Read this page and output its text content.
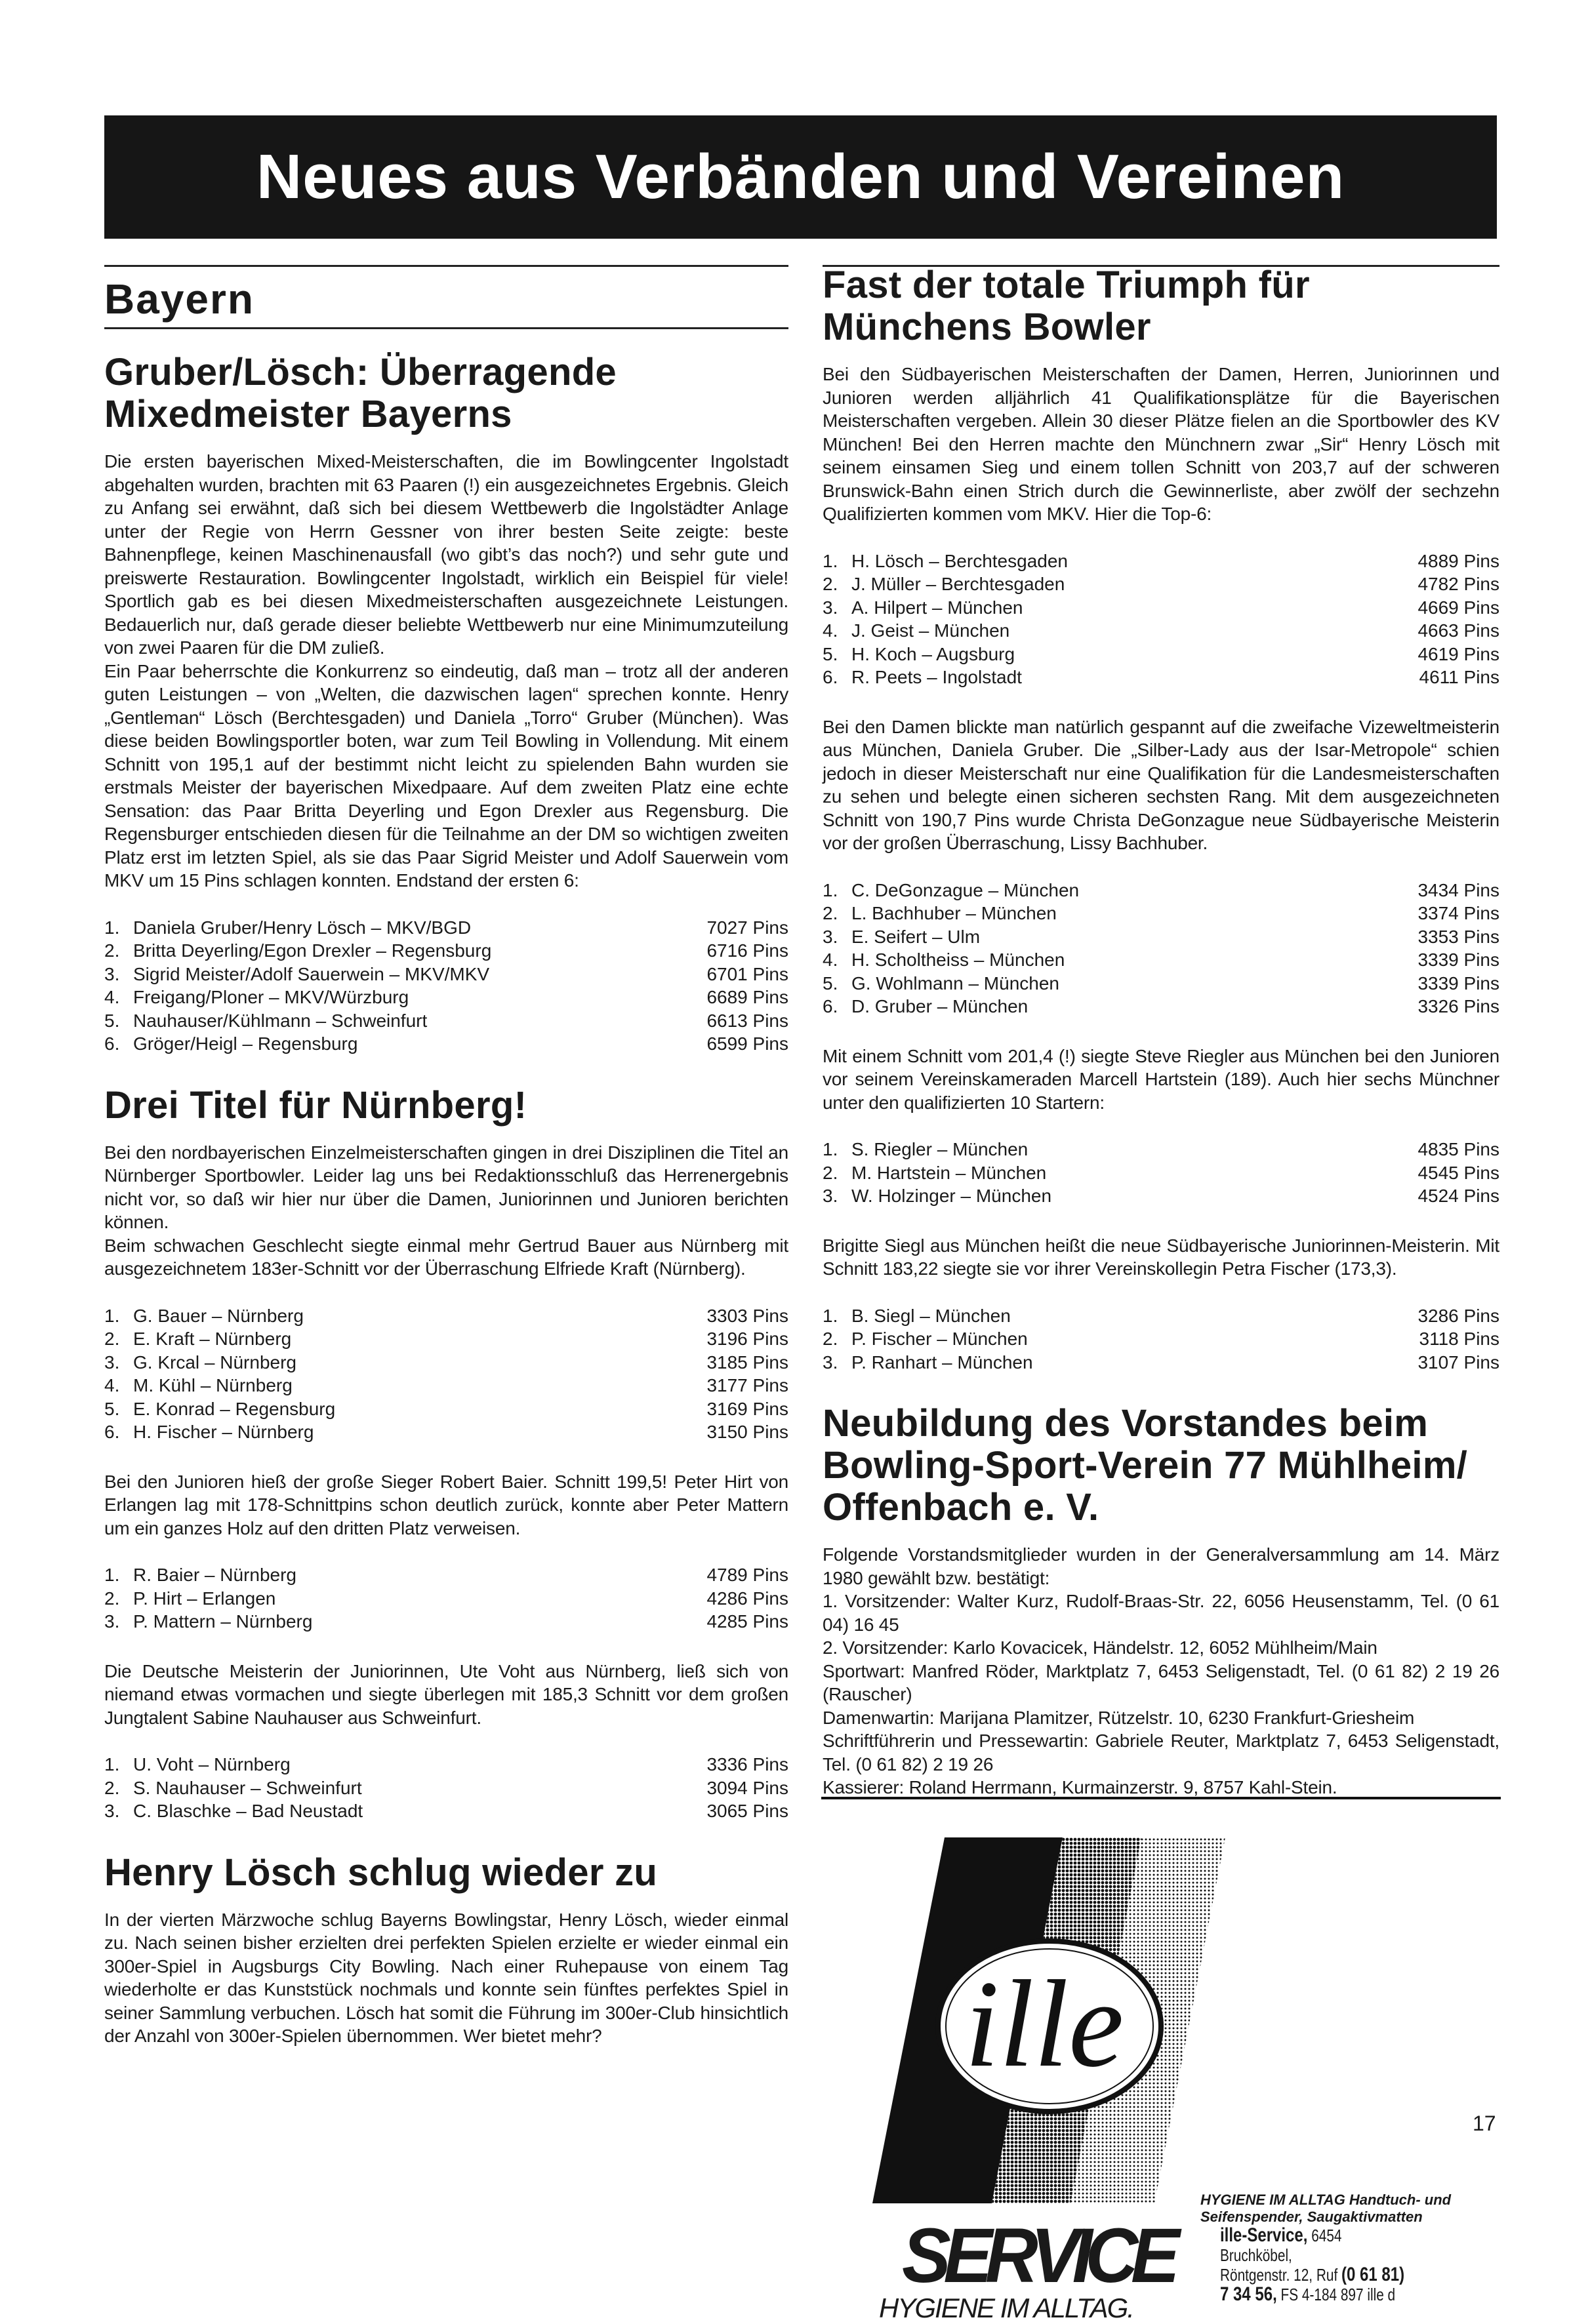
Neues aus Verbänden und Vereinen
Bayern
Gruber/Lösch: Überragende Mixedmeister Bayerns
Die ersten bayerischen Mixed-Meisterschaften, die im Bowlingcenter Ingolstadt abgehalten wurden, brachten mit 63 Paaren (!) ein ausgezeichnetes Ergebnis. Gleich zu Anfang sei erwähnt, daß sich bei diesem Wettbewerb die Ingolstädter Anlage unter der Regie von Herrn Gessner von ihrer besten Seite zeigte: beste Bahnenpflege, keinen Maschinenausfall (wo gibt’s das noch?) und sehr gute und preiswerte Restauration. Bowlingcenter Ingolstadt, wirklich ein Beispiel für viele! Sportlich gab es bei diesen Mixedmeisterschaften ausgezeichnete Leistungen. Bedauerlich nur, daß gerade dieser beliebte Wettbewerb nur eine Minimumzuteilung von zwei Paaren für die DM zuließ.
Ein Paar beherrschte die Konkurrenz so eindeutig, daß man – trotz all der anderen guten Leistungen – von „Welten, die dazwischen lagen“ sprechen konnte. Henry „Gentleman“ Lösch (Berchtesgaden) und Daniela „Torro“ Gruber (München). Was diese beiden Bowlingsportler boten, war zum Teil Bowling in Vollendung. Mit einem Schnitt von 195,1 auf der bestimmt nicht leicht zu spielenden Bahn wurden sie erstmals Meister der bayerischen Mixedpaare. Auf dem zweiten Platz eine echte Sensation: das Paar Britta Deyerling und Egon Drexler aus Regensburg. Die Regensburger entschieden diesen für die Teilnahme an der DM so wichtigen zweiten Platz erst im letzten Spiel, als sie das Paar Sigrid Meister und Adolf Sauerwein vom MKV um 15 Pins schlagen konnten. Endstand der ersten 6:
1. Daniela Gruber/Henry Lösch – MKV/BGD	7027 Pins
2. Britta Deyerling/Egon Drexler – Regensburg	6716 Pins
3. Sigrid Meister/Adolf Sauerwein – MKV/MKV	6701 Pins
4. Freigang/Ploner – MKV/Würzburg	6689 Pins
5. Nauhauser/Kühlmann – Schweinfurt	6613 Pins
6. Gröger/Heigl – Regensburg	6599 Pins
Drei Titel für Nürnberg!
Bei den nordbayerischen Einzelmeisterschaften gingen in drei Disziplinen die Titel an Nürnberger Sportbowler. Leider lag uns bei Redaktionsschluß das Herrenergebnis nicht vor, so daß wir hier nur über die Damen, Juniorinnen und Junioren berichten können.
Beim schwachen Geschlecht siegte einmal mehr Gertrud Bauer aus Nürnberg mit ausgezeichnetem 183er-Schnitt vor der Überraschung Elfriede Kraft (Nürnberg).
1. G. Bauer – Nürnberg	3303 Pins
2. E. Kraft – Nürnberg	3196 Pins
3. G. Krcal – Nürnberg	3185 Pins
4. M. Kühl – Nürnberg	3177 Pins
5. E. Konrad – Regensburg	3169 Pins
6. H. Fischer – Nürnberg	3150 Pins
Bei den Junioren hieß der große Sieger Robert Baier. Schnitt 199,5! Peter Hirt von Erlangen lag mit 178-Schnittpins schon deutlich zurück, konnte aber Peter Mattern um ein ganzes Holz auf den dritten Platz verweisen.
1. R. Baier – Nürnberg	4789 Pins
2. P. Hirt – Erlangen	4286 Pins
3. P. Mattern – Nürnberg	4285 Pins
Die Deutsche Meisterin der Juniorinnen, Ute Voht aus Nürnberg, ließ sich von niemand etwas vormachen und siegte überlegen mit 185,3 Schnitt vor dem großen Jungtalent Sabine Nauhauser aus Schweinfurt.
1. U. Voht – Nürnberg	3336 Pins
2. S. Nauhauser – Schweinfurt	3094 Pins
3. C. Blaschke – Bad Neustadt	3065 Pins
Henry Lösch schlug wieder zu
In der vierten Märzwoche schlug Bayerns Bowlingstar, Henry Lösch, wieder einmal zu. Nach seinen bisher erzielten drei perfekten Spielen erzielte er wieder einmal ein 300er-Spiel in Augsburgs City Bowling. Nach einer Ruhepause von einem Tag wiederholte er das Kunststück nochmals und konnte sein fünftes perfektes Spiel in seiner Sammlung verbuchen. Lösch hat somit die Führung im 300er-Club hinsichtlich der Anzahl von 300er-Spielen übernommen. Wer bietet mehr?
Fast der totale Triumph für Münchens Bowler
Bei den Südbayerischen Meisterschaften der Damen, Herren, Juniorinnen und Junioren werden alljährlich 41 Qualifikationsplätze für die Bayerischen Meisterschaften vergeben. Allein 30 dieser Plätze fielen an die Sportbowler des KV München! Bei den Herren machte den Münchnern zwar „Sir“ Henry Lösch mit seinem einsamen Sieg und einem tollen Schnitt von 203,7 auf der schweren Brunswick-Bahn einen Strich durch die Gewinnerliste, aber zwölf der sechzehn Qualifizierten kommen vom MKV. Hier die Top-6:
1. H. Lösch – Berchtesgaden	4889 Pins
2. J. Müller – Berchtesgaden	4782 Pins
3. A. Hilpert – München	4669 Pins
4. J. Geist – München	4663 Pins
5. H. Koch – Augsburg	4619 Pins
6. R. Peets – Ingolstadt	4611 Pins
Bei den Damen blickte man natürlich gespannt auf die zweifache Vizeweltmeisterin aus München, Daniela Gruber. Die „Silber-Lady aus der Isar-Metropole“ schien jedoch in dieser Meisterschaft nur eine Qualifikation für die Landesmeisterschaften zu sehen und belegte einen sicheren sechsten Rang. Mit dem ausgezeichneten Schnitt von 190,7 Pins wurde Christa DeGonzague neue Südbayerische Meisterin vor der großen Überraschung, Lissy Bachhuber.
1. C. DeGonzague – München	3434 Pins
2. L. Bachhuber – München	3374 Pins
3. E. Seifert – Ulm	3353 Pins
4. H. Scholtheiss – München	3339 Pins
5. G. Wohlmann – München	3339 Pins
6. D. Gruber – München	3326 Pins
Mit einem Schnitt vom 201,4 (!) siegte Steve Riegler aus München bei den Junioren vor seinem Vereinskameraden Marcell Hartstein (189). Auch hier sechs Münchner unter den qualifizierten 10 Startern:
1. S. Riegler – München	4835 Pins
2. M. Hartstein – München	4545 Pins
3. W. Holzinger – München	4524 Pins
Brigitte Siegl aus München heißt die neue Südbayerische Juniorinnen-Meisterin. Mit Schnitt 183,22 siegte sie vor ihrer Vereinskollegin Petra Fischer (173,3).
1. B. Siegl – München	3286 Pins
2. P. Fischer – München	3118 Pins
3. P. Ranhart – München	3107 Pins
Neubildung des Vorstandes beim Bowling-Sport-Verein 77 Mühlheim/ Offenbach e. V.
Folgende Vorstandsmitglieder wurden in der Generalversammlung am 14. März 1980 gewählt bzw. bestätigt:
1. Vorsitzender: Walter Kurz, Rudolf-Braas-Str. 22, 6056 Heusenstamm, Tel. (0 61 04) 16 45
2. Vorsitzender: Karlo Kovacicek, Händelstr. 12, 6052 Mühlheim/Main
Sportwart: Manfred Röder, Marktplatz 7, 6453 Seligenstadt, Tel. (0 61 82) 2 19 26 (Rauscher)
Damenwartin: Marijana Plamitzer, Rützelstr. 10, 6230 Frankfurt-Griesheim
Schriftführerin und Pressewartin: Gabriele Reuter, Marktplatz 7, 6453 Seligenstadt, Tel. (0 61 82) 2 19 26
Kassierer: Roland Herrmann, Kurmainzerstr. 9, 8757 Kahl-Stein.
ille
SERVICE
HYGIENE IM ALLTAG.
HYGIENE IM ALLTAG Handtuch- und
Seifenspender, Saugaktivmatten
ille-Service, 6454 Bruchköbel,
Röntgenstr. 12, Ruf (0 61 81)
7 34 56, FS 4-184 897 ille d
17
